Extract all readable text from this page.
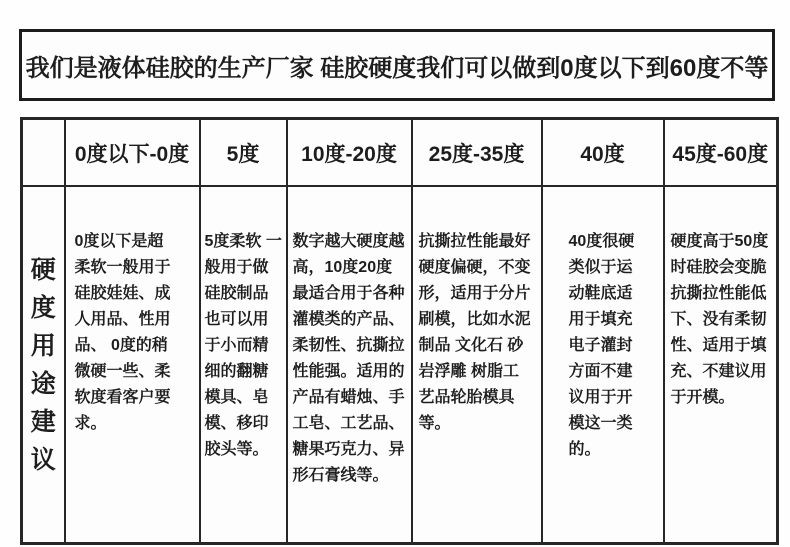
我们是液体硅胶的生产厂家 硅胶硬度我们可以做到0度以下到60度不等
	0度以下-0度	5度	10度-20度	25度-35度	40度	45度-60度

硬度用途建议	0度以下是超柔软一般用于硅胶娃娃、成人用品、性用品、 0度的稍微硬一些、柔软度看客户要求。	5度柔软 一般用于做硅胶制品也可以用于小而精细的翻糖模具、皂模、移印胶头等。	数字越大硬度越高，10度20度最适合用于各种灌模类的产品、柔韧性、抗撕拉性能强。适用的产品有蜡烛、手工皂、工艺品、糖果巧克力、异形石膏线等。	抗撕拉性能最好硬度偏硬，不变形，适用于分片刷模，比如水泥制品 文化石 砂岩浮雕 树脂工艺品轮胎模具等。	40度很硬类似于运动鞋底适用于填充电子灌封方面不建议用于开模这一类的。	硬度高于50度时硅胶会变脆抗撕拉性能低下、没有柔韧性、适用于填充、不建议用于开模。
